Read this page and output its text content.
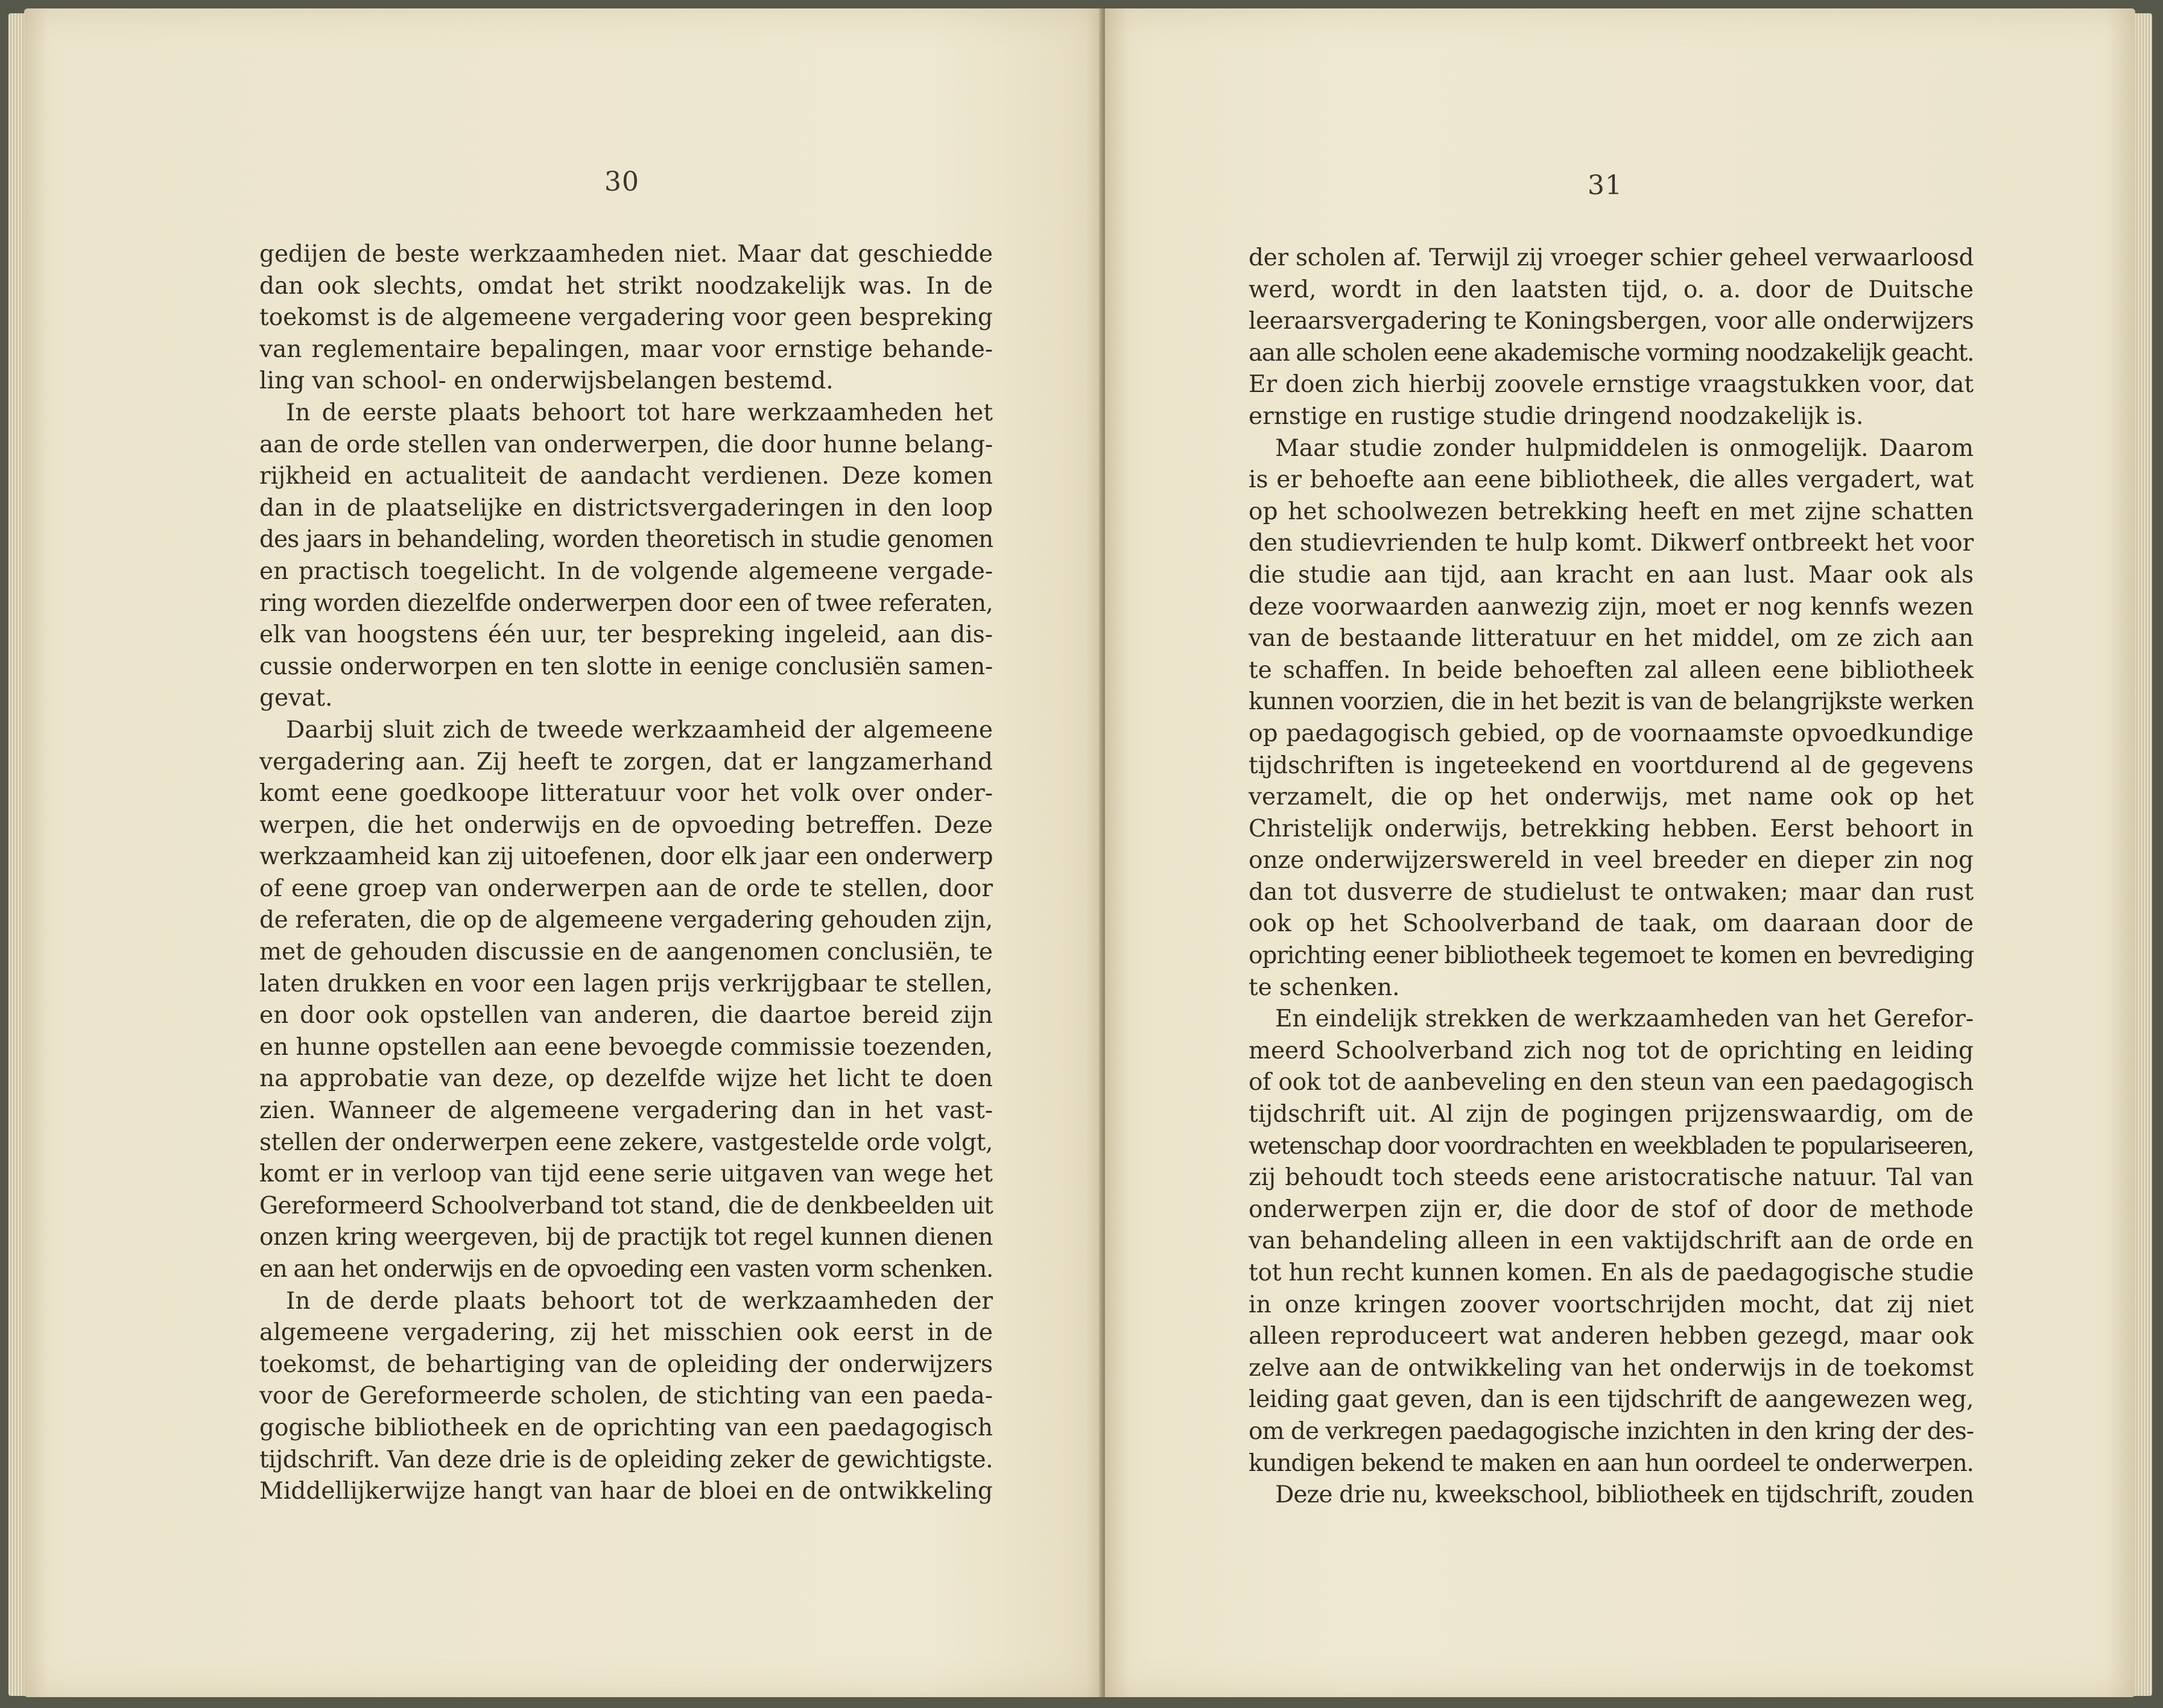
30
gedijen de beste werkzaamheden niet. Maar dat geschiedde
dan ook slechts, omdat het strikt noodzakelijk was. In de
toekomst is de algemeene vergadering voor geen bespreking
van reglementaire bepalingen, maar voor ernstige behande-
ling van school- en onderwijsbelangen bestemd.
In de eerste plaats behoort tot hare werkzaamheden het
aan de orde stellen van onderwerpen, die door hunne belang-
rijkheid en actualiteit de aandacht verdienen. Deze komen
dan in de plaatselijke en districtsvergaderingen in den loop
des jaars in behandeling, worden theoretisch in studie genomen
en practisch toegelicht. In de volgende algemeene vergade-
ring worden diezelfde onderwerpen door een of twee referaten,
elk van hoogstens één uur, ter bespreking ingeleid, aan dis-
cussie onderworpen en ten slotte in eenige conclusiën samen-
gevat.
Daarbij sluit zich de tweede werkzaamheid der algemeene
vergadering aan. Zij heeft te zorgen, dat er langzamerhand
komt eene goedkoope litteratuur voor het volk over onder-
werpen, die het onderwijs en de opvoeding betreffen. Deze
werkzaamheid kan zij uitoefenen, door elk jaar een onderwerp
of eene groep van onderwerpen aan de orde te stellen, door
de referaten, die op de algemeene vergadering gehouden zijn,
met de gehouden discussie en de aangenomen conclusiën, te
laten drukken en voor een lagen prijs verkrijgbaar te stellen,
en door ook opstellen van anderen, die daartoe bereid zijn
en hunne opstellen aan eene bevoegde commissie toezenden,
na approbatie van deze, op dezelfde wijze het licht te doen
zien. Wanneer de algemeene vergadering dan in het vast-
stellen der onderwerpen eene zekere, vastgestelde orde volgt,
komt er in verloop van tijd eene serie uitgaven van wege het
Gereformeerd Schoolverband tot stand, die de denkbeelden uit
onzen kring weergeven, bij de practijk tot regel kunnen dienen
en aan het onderwijs en de opvoeding een vasten vorm schenken.
In de derde plaats behoort tot de werkzaamheden der
algemeene vergadering, zij het misschien ook eerst in de
toekomst, de behartiging van de opleiding der onderwijzers
voor de Gereformeerde scholen, de stichting van een paeda-
gogische bibliotheek en de oprichting van een paedagogisch
tijdschrift. Van deze drie is de opleiding zeker de gewichtigste.
Middellijkerwijze hangt van haar de bloei en de ontwikkeling
31
der scholen af. Terwijl zij vroeger schier geheel verwaarloosd
werd, wordt in den laatsten tijd, o. a. door de Duitsche
leeraarsvergadering te Koningsbergen, voor alle onderwijzers
aan alle scholen eene akademische vorming noodzakelijk geacht.
Er doen zich hierbij zoovele ernstige vraagstukken voor, dat
ernstige en rustige studie dringend noodzakelijk is.
Maar studie zonder hulpmiddelen is onmogelijk. Daarom
is er behoefte aan eene bibliotheek, die alles vergadert, wat
op het schoolwezen betrekking heeft en met zijne schatten
den studievrienden te hulp komt. Dikwerf ontbreekt het voor
die studie aan tijd, aan kracht en aan lust. Maar ook als
deze voorwaarden aanwezig zijn, moet er nog kennfs wezen
van de bestaande litteratuur en het middel, om ze zich aan
te schaffen. In beide behoeften zal alleen eene bibliotheek
kunnen voorzien, die in het bezit is van de belangrijkste werken
op paedagogisch gebied, op de voornaamste opvoedkundige
tijdschriften is ingeteekend en voortdurend al de gegevens
verzamelt, die op het onderwijs, met name ook op het
Christelijk onderwijs, betrekking hebben. Eerst behoort in
onze onderwijzerswereld in veel breeder en dieper zin nog
dan tot dusverre de studielust te ontwaken; maar dan rust
ook op het Schoolverband de taak, om daaraan door de
oprichting eener bibliotheek tegemoet te komen en bevrediging
te schenken.
En eindelijk strekken de werkzaamheden van het Gerefor-
meerd Schoolverband zich nog tot de oprichting en leiding
of ook tot de aanbeveling en den steun van een paedagogisch
tijdschrift uit. Al zijn de pogingen prijzenswaardig, om de
wetenschap door voordrachten en weekbladen te populariseeren,
zij behoudt toch steeds eene aristocratische natuur. Tal van
onderwerpen zijn er, die door de stof of door de methode
van behandeling alleen in een vaktijdschrift aan de orde en
tot hun recht kunnen komen. En als de paedagogische studie
in onze kringen zoover voortschrijden mocht, dat zij niet
alleen reproduceert wat anderen hebben gezegd, maar ook
zelve aan de ontwikkeling van het onderwijs in de toekomst
leiding gaat geven, dan is een tijdschrift de aangewezen weg,
om de verkregen paedagogische inzichten in den kring der des-
kundigen bekend te maken en aan hun oordeel te onderwerpen.
Deze drie nu, kweekschool, bibliotheek en tijdschrift, zouden
